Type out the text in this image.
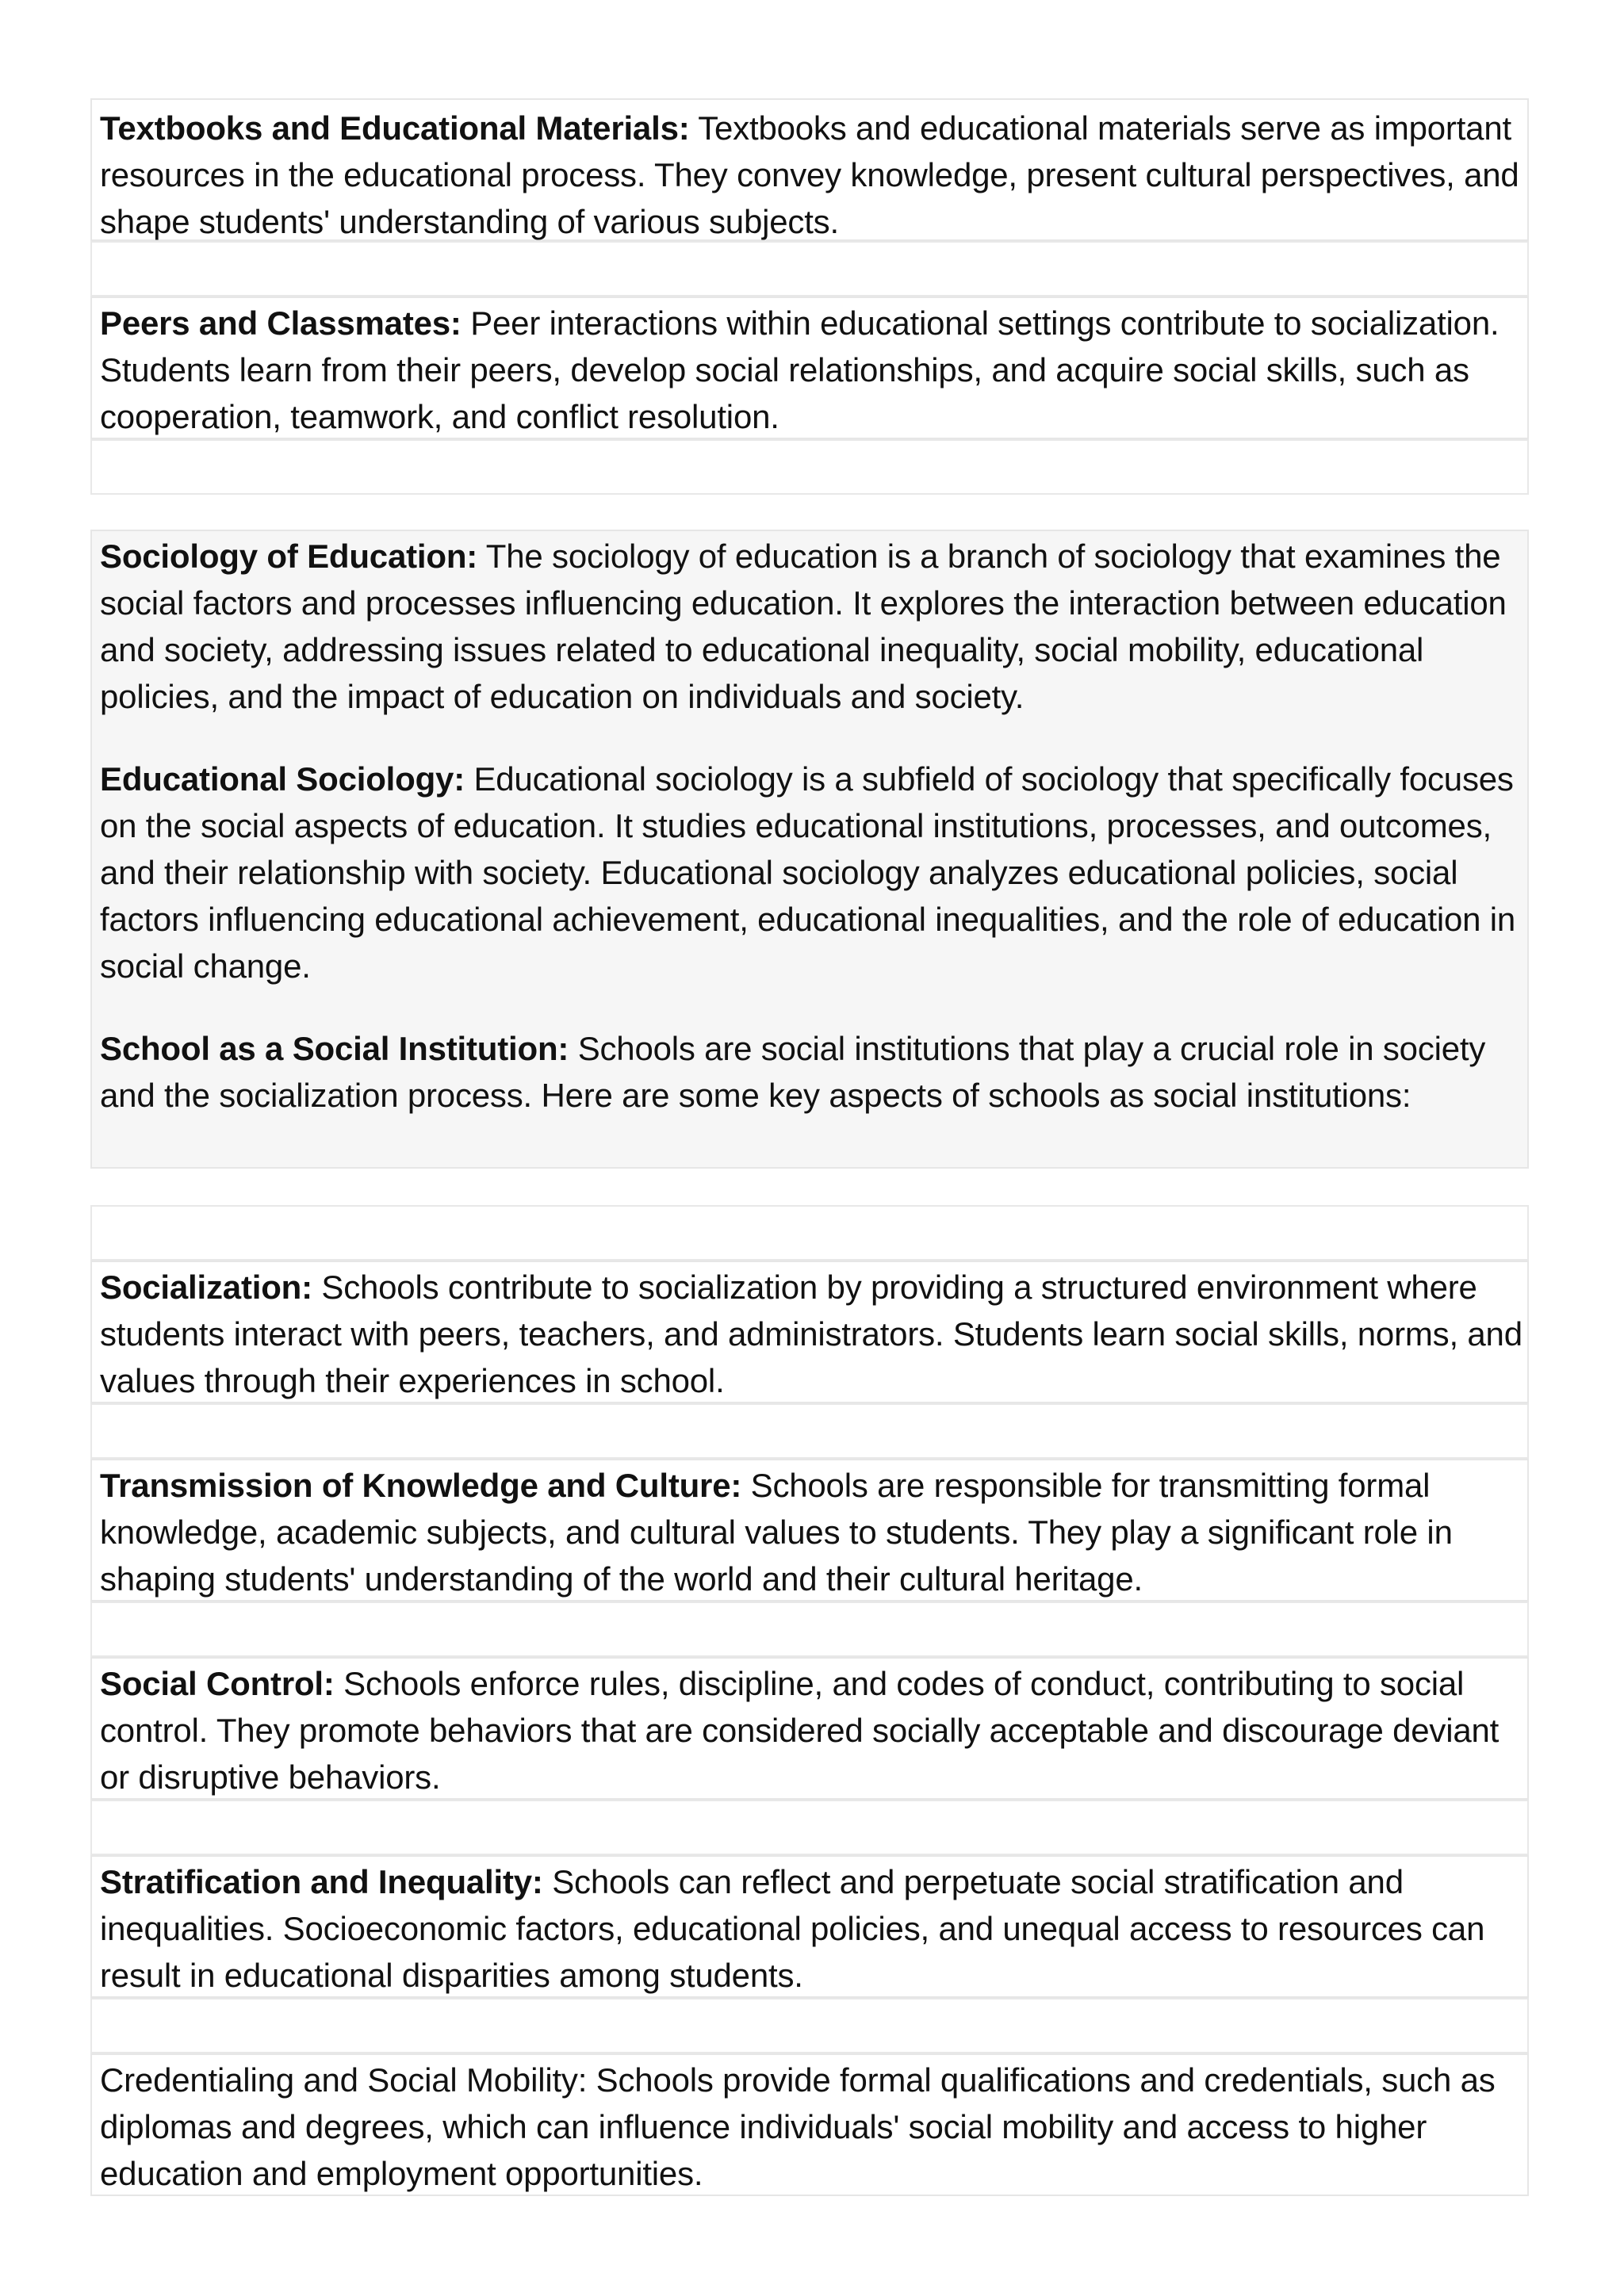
Textbooks and Educational Materials: Textbooks and educational materials serve as important resources in the educational process. They convey knowledge, present cultural perspectives, and shape students' understanding of various subjects.

Peers and Classmates: Peer interactions within educational settings contribute to socialization. Students learn from their peers, develop social relationships, and acquire social skills, such as cooperation, teamwork, and conflict resolution.

Sociology of Education: The sociology of education is a branch of sociology that examines the social factors and processes influencing education. It explores the interaction between education and society, addressing issues related to educational inequality, social mobility, educational policies, and the impact of education on individuals and society.

Educational Sociology: Educational sociology is a subfield of sociology that specifically focuses on the social aspects of education. It studies educational institutions, processes, and outcomes, and their relationship with society. Educational sociology analyzes educational policies, social factors influencing educational achievement, educational inequalities, and the role of education in social change.

School as a Social Institution: Schools are social institutions that play a crucial role in society and the socialization process. Here are some key aspects of schools as social institutions:

Socialization: Schools contribute to socialization by providing a structured environment where students interact with peers, teachers, and administrators. Students learn social skills, norms, and values through their experiences in school.

Transmission of Knowledge and Culture: Schools are responsible for transmitting formal knowledge, academic subjects, and cultural values to students. They play a significant role in shaping students' understanding of the world and their cultural heritage.

Social Control: Schools enforce rules, discipline, and codes of conduct, contributing to social control. They promote behaviors that are considered socially acceptable and discourage deviant or disruptive behaviors.

Stratification and Inequality: Schools can reflect and perpetuate social stratification and inequalities. Socioeconomic factors, educational policies, and unequal access to resources can result in educational disparities among students.

Credentialing and Social Mobility: Schools provide formal qualifications and credentials, such as diplomas and degrees, which can influence individuals' social mobility and access to higher education and employment opportunities.
